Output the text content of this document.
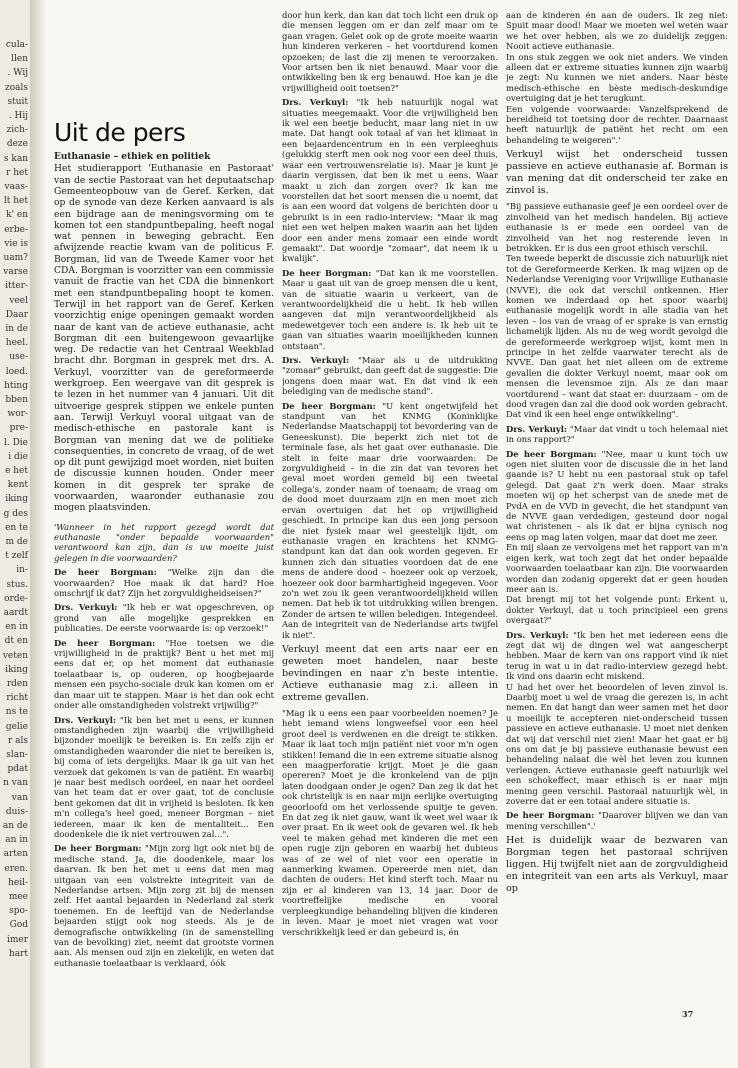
cula-
llen
. Wij
zoals
stuit
. Hij
zich-
deze
s kan
r het
vaas-
lt het
k' en
erbe-
vie is
uam?
varse
itter-
veel
Daar
in de
heel.
use-
loed.
hting
bben
wor-
pre-
l. Die
i die
e het
kent
iking
g des
en te
m de
t zelf
in-
stus.
orde-
aardt
en in
dt en
veten
iking
rden
richt
ns te
gelie
r als
slan-
pdat
n van
van
duis-
an de
an in
arten
eren.
heil-
mee
spo-
God
imer
hart
Uit de pers
Euthanasie – ethiek en politiek

Het studierapport 'Euthanasie en Pastoraat' van de sectie Pastoraat van het deputaatschap Gemeenteopbouw van de Geref. Kerken, dat op de synode van deze Kerken aanvaard is als een bijdrage aan de meningsvorming om te komen tot een standpuntbepaling, heeft nogal wat pennen in beweging gebracht. Een afwijzende reactie kwam van de politicus F. Borgman, lid van de Tweede Kamer voor het CDA. Borgman is voorzitter van een commissie vanuit de fractie van het CDA die binnenkort met een standpuntbepaling hoopt te komen. Terwijl in het rapport van de Geref. Kerken voorzichtig enige openingen gemaakt worden naar de kant van de actieve euthanasie, acht Borgman dit een buitengewoon gevaarlijke weg. De redactie van het Centraal Weekblad bracht dhr. Borgman in gesprek met drs. A. Verkuyl, voorzitter van de gereformeerde werkgroep. Een weergave van dit gesprek is te lezen in het nummer van 4 januari. Uit dit uitvoerige gesprek stippen we enkele punten aan. Terwijl Verkuyl vooral uitgaat van de medisch-ethische en pastorale kant is Borgman van mening dat we de politieke consequenties, in concreto de vraag, of de wet op dit punt gewijzigd moet worden, niet buiten de discussie kunnen houden. Onder meer komen in dit gesprek ter sprake de voorwaarden, waaronder euthanasie zou mogen plaatsvinden.

'Wanneer in het rapport gezegd wordt dat euthanasie "onder bepaalde voorwaarden" verantwoord kan zijn, dan is uw moeite juist gelegen in die voorwaarden?

De heer Borgman: "Welke zijn dan die voorwaarden? Hoe maak ik dat hard? Hoe omschrijf ik dat? Zijn het zorgvuldigheidseisen?"

Drs. Verkuyl: "Ik heb er wat opgeschreven, op grond van alle mogelijke gesprekken en publicaties. De eerste voorwaarde is: op verzoek!"

De heer Borgman: "Hoe toetsen we die vrijwilligheid in de praktijk? Bent u het met mij eens dat er, op het moment dat euthanasie toelaatbaar is, op ouderen, op hoogbejaarde mensen een psycho-sociale druk kan komen om er dan maar uit te stappen. Maar is het dan ook echt onder alle omstandigheden volstrekt vrijwillig?"

Drs. Verkuyl: "Ik ben het met u eens, er kunnen omstandigheden zijn waarbij die vrijwilligheid bijzonder moeilijk te bereiken is. En zelfs zijn er omstandigheden waaronder die niet te bereiken is, bij coma of iets dergelijks. Maar ik ga uit van het verzoek dat gekomen is van de patiënt. En waarbij je naar best medisch oordeel, en naar het oordeel van het team dat er over gaat, tot de conclusie bent gekomen dat dit in vrijheid is besloten. Ik ken m'n collega's heel goed, meneer Borgman – niet iedereen, maar ik ken de mentaliteit... Een doodenkele die ik niet vertrouwen zal...".

De heer Borgman: "Mijn zorg ligt ook niet bij de medische stand. Ja, die doodenkele, maar los daarvan. Ik ben het met u eens dat men mag uitgaan van een volstrekte integriteit van de Nederlandse artsen. Mijn zorg zit bij de mensen zelf. Het aantal bejaarden in Nederland zal sterk toenemen. En de leeftijd van de Nederlandse bejaarden stijgt ook nog steeds. Als je de demografische ontwikkeling (in de samenstelling van de bevolking) ziet, neemt dat grootste vormen aan. Als mensen oud zijn en ziekelijk, en weten dat euthanasie toelaatbaar is verklaard, óók

door hun kerk, dan kan dat toch licht een druk op die mensen leggen om er dan zelf maar om te gaan vragen. Gelet ook op de grote moeite waarin hun kinderen verkeren – het voortdurend komen opzoeken; de last die zij menen te veroorzaken. Voor artsen ben ik niet benauwd. Maar voor die ontwikkeling ben ik erg benauwd. Hoe kan je die vrijwilligheid ooit toetsen?"

Drs. Verkuyl: "Ik heb natuurlijk nogal wat situaties meegemaakt. Voor die vrijwilligheid ben ik wel een beetje beducht, maar lang niet in uw mate. Dat hangt ook totaal af van het klimaat in een bejaardencentrum en in een verpleeghuis (gelukkig sterft men ook nog voor een deel thuis, waar een vertrouwensrelatie is). Maar je kunt je daarin vergissen, dat ben ik met u eens. Waar maakt u zich dan zorgen over? Ik kan me voorstellen dat het soort mensen die u noemt, dat is aan een woord dat volgens de berichten door u gebruikt is in een radio-interview: "Maar ik mag niet een wet helpen maken waarin aan het lijden door een ander mens zomaar een einde wordt gemaakt". Dat woordje "zomaar", dat neem ik u kwalijk".

De heer Borgman: "Dat kan ik me voorstellen. Maar u gaat uit van de groep mensen die u kent, van de situatie waarin u verkeert, van de verantwoordelijkheid die u hebt. Ik heb willen aangeven dat mijn verantwoordelijkheid als medewetgever toch een andere is. Ik heb uit te gaan van situaties waarin moeilijkheden kunnen ontstaan".

Drs. Verkuyl: "Maar als u de uitdrukking "zomaar" gebruikt, dan geeft dat de suggestie: Die jongens doen maar wat. En dat vind ik een belediging van de medische stand".

De heer Borgman: "U kent ongetwijfeld het standpunt van het KNMG (Koninklijke Nederlandse Maatschappij tot bevordering van de Geneeskunst). Die beperkt zich niet tot de terminale fase, als het gaat over euthanasie. Die stelt in feite maar drie voorwaarden: De zorgvuldigheid – in die zin dat van tevoren het geval moet worden gemeld bij een tweetal collega's, zonder naam of toenaam; de vraag om de dood moet duurzaam zijn en men moet zich ervan overtuigen dat het op vrijwilligheid geschiedt. In principe kan dus een jong persoon die niet fysiek maar wel geestelijk lijdt, om euthanasie vragen en krachtens het KNMG-standpunt kan dat dan ook worden gegeven. Er kunnen zich dan situaties voordoen dat de ene mens de andere dood – hoezeer ook op verzoek, hoezeer ook door barmhartigheid ingegeven. Voor zo'n wet zou ik geen verantwoordelijkheid willen nemen. Dat heb ik tot uitdrukking willen brengen. Zonder de artsen te willen beledigen. Integendeel. Aan de integriteit van de Nederlandse arts twijfel ik niet".

Verkuyl meent dat een arts naar eer en geweten moet handelen, naar beste bevindingen en naar z'n beste intentie. Actieve euthanasie mag z.i. alleen in extreme gevallen.

"Mag ik u eens een paar voorbeelden noemen? Je hebt iemand wiens longweefsel voor een heel groot deel is verdwenen en die dreigt te stikken. Maar ik laat toch mijn patiënt niet voor m'n ogen stikken! Iemand die in een extreme situatie alsnog een maagperforatie krijgt. Moet je die gaan opereren? Moet je die kronkelend van de pijn laten doodgaan onder je ogen? Dan zeg ik dat het ook christelijk is en naar mijn eerlijke overtuiging geoorloofd om het verlossende spuitje te geven. En dat zeg ik niet gauw, want ik weet wel waar ik over praat. En ik weet ook de gevaren wel. Ik heb veel te maken gehad met kinderen die met een open rugje zijn geboren en waarbij het dubieus was of ze wel of niet voor een operatie in aanmerking kwamen. Opereerde men niet, dan dachten de ouders: Het kind sterft toch. Maar nu zijn er al kinderen van 13, 14 jaar. Door de voortreffelijke medische en vooral verpleegkundige behandeling blijven die kinderen in leven. Maar je moet niet vragen wat voor verschrikkelijk leed er dan gebeurd is, én

aan de kinderen én aan de ouders. Ik zeg niet: Spuit maar dood! Maar we moeten wel weten waar we het over hebben, als we zo duidelijk zeggen: Nooit actieve euthanasie.
In ons stuk zeggen we ook niet anders. We vinden alleen dat er extreme situaties kunnen zijn waarbij je zegt: Nu kunnen we niet anders. Naar bèste medisch-ethische en bèste medisch-deskundige overtuiging dat je het terugkunt.
Een volgende voorwaarde: Vanzelfsprekend de bereidheid tot toetsing door de rechter. Daarnaast heeft natuurlijk de patiënt het recht om een behandeling te weigeren".'

Verkuyl wijst het onderscheid tussen passieve en actieve euthanasie af. Borman is van mening dat dit onderscheid ter zake en zinvol is.

"Bij passieve euthanasie geef je een oordeel over de zinvolheid van het medisch handelen. Bij actieve euthanasie is er mede een oordeel van de zinvolheid van het nog resterende leven in betrokken. Er is dus een groot ethisch verschil.
Ten tweede beperkt de discussie zich natuurlijk niet tot de Gereformeerde Kerken. Ik mag wijzen op de Nederlandse Vereniging voor Vrijwillige Euthanasie (NVVE), die ook dat verschil ontkennen. Hier komen we inderdaad op het spoor waarbij euthanasie mogelijk wordt in alle stadia van het leven – los van de vraag of er sprake is van ernstig lichamelijk lijden. Als nu de weg wordt gevolgd die de gereformeerde werkgroep wijst, komt men in principe in het zelfde vaarwater terecht als de NVVE. Dan gaat het niet alleen om de extreme gevallen die dokter Verkuyl noemt, maar ook om mensen die levensmoe zijn. Als ze dan maar voortdurend – want dat staat er: duurzaam – om de dood vragen dan zal die dood ook worden gebracht. Dat vind ik een heel enge ontwikkeling".

Drs. Verkuyl: "Maar dat vindt u toch helemaal niet in ons rapport?"

De heer Borgman: "Nee, maar u kunt toch uw ogen niet sluiten voor de discussie die in het land gaande is? U hebt nu een pastoraal stuk op tafel gelegd. Dat gaat z'n werk doen. Maar straks moeten wij op het scherpst van de snede met de PvdA en de VVD in gevecht, die het standpunt van de NVVE gaan verdedigen, gesteund door nogal wat christenen – als ik dat er bijna cynisch nog eens op mag laten volgen, maar dat doet me zeer.
En mij slaan ze vervolgens met het rapport van m'n eigen kerk, wat toch zegt dat het onder bepaalde voorwaarden toelaatbaar kan zijn. Die voorwaarden worden dan zodanig opgerekt dat er geen houden meer aan is.
Dat brengt mij tot het volgende punt: Erkent u, dokter Verkuyl, dat u toch principieel een grens overgaat?"

Drs. Verkuyl: "Ik ben het met iedereen eens die zegt dat wij de dingen wel wat aangescherpt hebben. Maar de kern van ons rapport vind ik niet terug in wat u in dat radio-interview gezegd hebt. Ik vind ons daarin echt miskend.
U had het over het beoordelen of leven zinvol is. Daarbij moet u wel de vraag die gerezen is, in acht nemen. En dat hangt dan weer samen met het door u moeilijk te accepteren niet-onderscheid tussen passieve en actieve euthanasie. U moet niet denken dat wij dat verschil niet zien! Maar het gaat er bij ons om dat je bij passieve euthanasie bewust een behandeling nalaat die wèl het leven zou kunnen verlengen. Actieve euthanasie geeft natuurlijk wel een schokeffect, maar ethisch is er naar mijn mening geen verschil. Pastoraal natuurlijk wèl, in zoverre dat er een totaal andere situatie is.

De heer Borgman: "Daarover blijven we dan van mening verschillen".'

Het is duidelijk waar de bezwaren van Borgman tegen het pastoraal schrijven liggen. Hij twijfelt niet aan de zorgvuldigheid en integriteit van een arts als Verkuyl, maar op

37
